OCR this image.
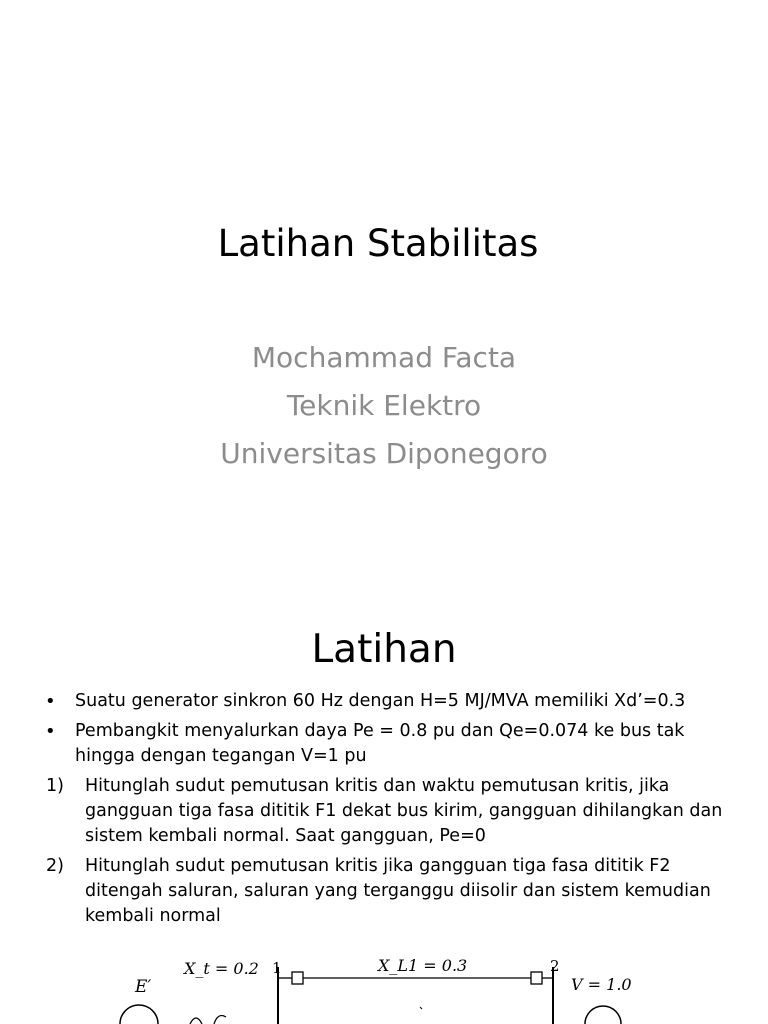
Latihan Stabilitas
Mochammad Facta
Teknik Elektro
Universitas Diponegoro
Latihan
• Suatu generator sinkron 60 Hz dengan H=5 MJ/MVA memiliki Xd’=0.3
• Pembangkit menyalurkan daya Pe = 0.8 pu dan Qe=0.074 ke bus tak hingga dengan tegangan V=1 pu
1) Hitunglah sudut pemutusan kritis dan waktu pemutusan kritis, jika gangguan tiga fasa dititik F1 dekat bus kirim, gangguan dihilangkan dan sistem kembali normal. Saat gangguan, Pe=0
2) Hitunglah sudut pemutusan kritis jika gangguan tiga fasa dititik F2 ditengah saluran, saluran yang terganggu diisolir dan sistem kemudian kembali normal
E′
X_t = 0.2 1	X_L1 = 0.3	2
V = 1.0
